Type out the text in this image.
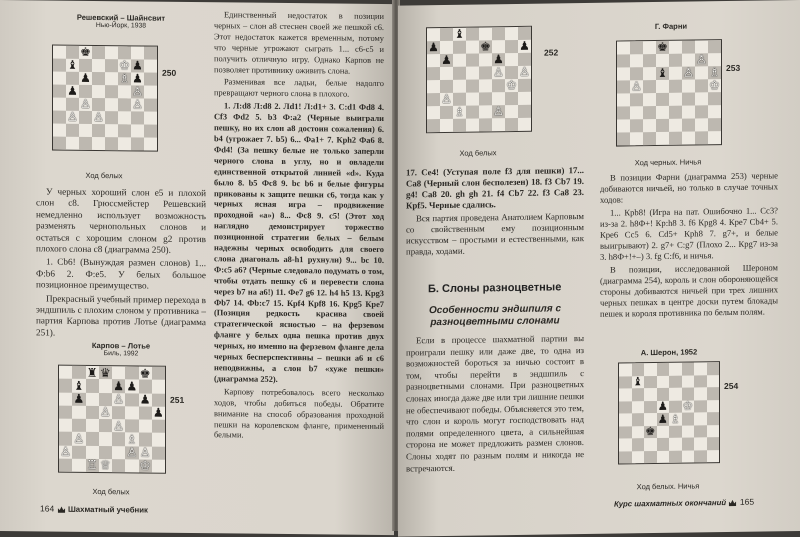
Решевский – Шайнсвит
Нью-Йорк, 1938
♚
♝	♔ ♟
♟ ♗ ♟
♟	♙
♙	♙
♙ ♙
250
Ход белых

У черных хороший слон е5 и плохой слон с8. Грюссмейстер Решевский немедленно использует возможность разменять чернопольных слонов и остаться с хорошим слоном g2 против плохого слона с8 (диаграмма 250).

1. Сb6! (Вынуждая размен слонов) 1... Ф:b6 2. Ф:е5. У белых большое позиционное преимущество.

Прекрасный учебный пример перехода в эндшпиль с плохим слоном у противника – партия Карпова против Лотье (диаграмма 251).

Карпов – Лотье
Биль, 1992
♜ ♛ ♚
♝ ♟ ♟
♟ ♙ ♟
♙	♟
♙
♙	♗
♙	♙ ♙
♖ ♕ ♔
251
Ход белых

Единственный недостаток в позиции черных – слон а8 стеснен своей же пешкой с6. Этот недостаток кажется временным, потому что черные угрожают сыграть 1... с6-с5 и получить отличную игру. Однако Карпов не позволяет противнику оживить слона.

Разменивая все ладьи, белые надолго превращают черного слона в плохого.

1. Л:d8 Л:d8 2. Лd1! Л:d1+ 3. С:d1 Фd8 4. Сf3 Фd2 5. b3 Ф:а2 (Черные выиграли пешку, но их слон а8 достоин сожаления) 6. b4 (угрожает 7. b5) 6... Фа1+ 7. Кph2 Фа6 8. Фd4! (За пешку белые не только заперли черного слона в углу, но и овладели единственной открытой линией «d». Куда было 8. b5 Фс8 9. bc b6 и белые фигуры прикованы к защите пешки с6, тогда как у черных ясная игра – продвижение проходной «а») 8... Фс8 9. с5! (Этот ход наглядно демонстрирует торжество позиционной стратегии белых – белым надежны черных освободить для своего слона диагональ а8-h1 рухнули) 9... bc 10. Ф:с5 а6? (Черные следовало подумать о том, чтобы отдать пешку с6 и перевести слона через b7 на а6!) 11. Фе7 g6 12. h4 h5 13. Кpg3 Фb7 14. Фb:с7 15. Кpf4 Кpf8 16. Кpg5 Кpe7 (Позиция редкость красива своей стратегической ясностью – на ферзевом фланге у белых одна пешка против двух черных, но именно на ферзевом фланге дела черных бесперспективны – пешки а6 и с6 неподвижны, а слон b7 «хуже пешки» (диаграмма 252).

Карпову потребовалось всего несколько ходов, чтобы добиться победы. Обратите внимание на способ образования проходной пешки на королевском фланге, примененный белыми.

164 Шахматный учебник
♝
♟	♚ ♟
♟	♟
♙ ♙
♔
♙
♗ ♙
252
Ход белых

17. Се4! (Уступая поле f3 для пешки) 17... Са8 (Черный слон бесполезен) 18. f3 Сb7 19. g4! Са8 20. gh gh 21. f4 Сb7 22. f3 Са8 23. Кpf5. Черные сдались.

Вся партия проведена Анатолием Карповым со свойственным ему позиционным искусством – простыми и естественными, как правда, ходами.

Б. Слоны разноцветные
Особенности эндшпиля с разноцветными слонами

Если в процессе шахматной партии вы проиграли пешку или даже две, то одна из возможностей бороться за ничью состоит в том, чтобы перейти в эндшпиль с разноцветными слонами. При разноцветных слонах иногда даже две или три лишние пешки не обеспечивают победы. Объясняется это тем, что слон и король могут господствовать над полями определенного цвета, а сильнейшая сторона не может предложить размен слонов. Слоны ходят по разным полям и никогда не встречаются.

Г. Фарни
♚
♙
♝ ♙ ♗
♙	♔
253
Ход черных. Ничья

В позиции Фарни (диаграмма 253) черные добиваются ничьей, но только в случае точных ходов:

1... Кpb8! (Игра на пат. Ошибочно 1... Сс3? из-за 2. h8Ф+! Кp:h8 3. f6 Кpg8 4. Кре7 Сb4+ 5. Кре6 Сс5 6. Сd5+ Кph8 7. g7+, и белые выигрывают) 2. g7+ С:g7 (Плохо 2... Кpg7 из-за 3. h8Ф+!+–) 3. fg С:f6, и ничья.

В позиции, исследованной Шероном (диаграмма 254), король и слон обороняющейся стороны добиваются ничьей при трех лишних черных пешках в центре доски путем блокады пешек и короля противника по белым полям.

А. Шерон, 1952
♝
♟ ♔
♟ ♗
♚
254
Ход белых. Ничья
Курс шахматных окончаний 165
